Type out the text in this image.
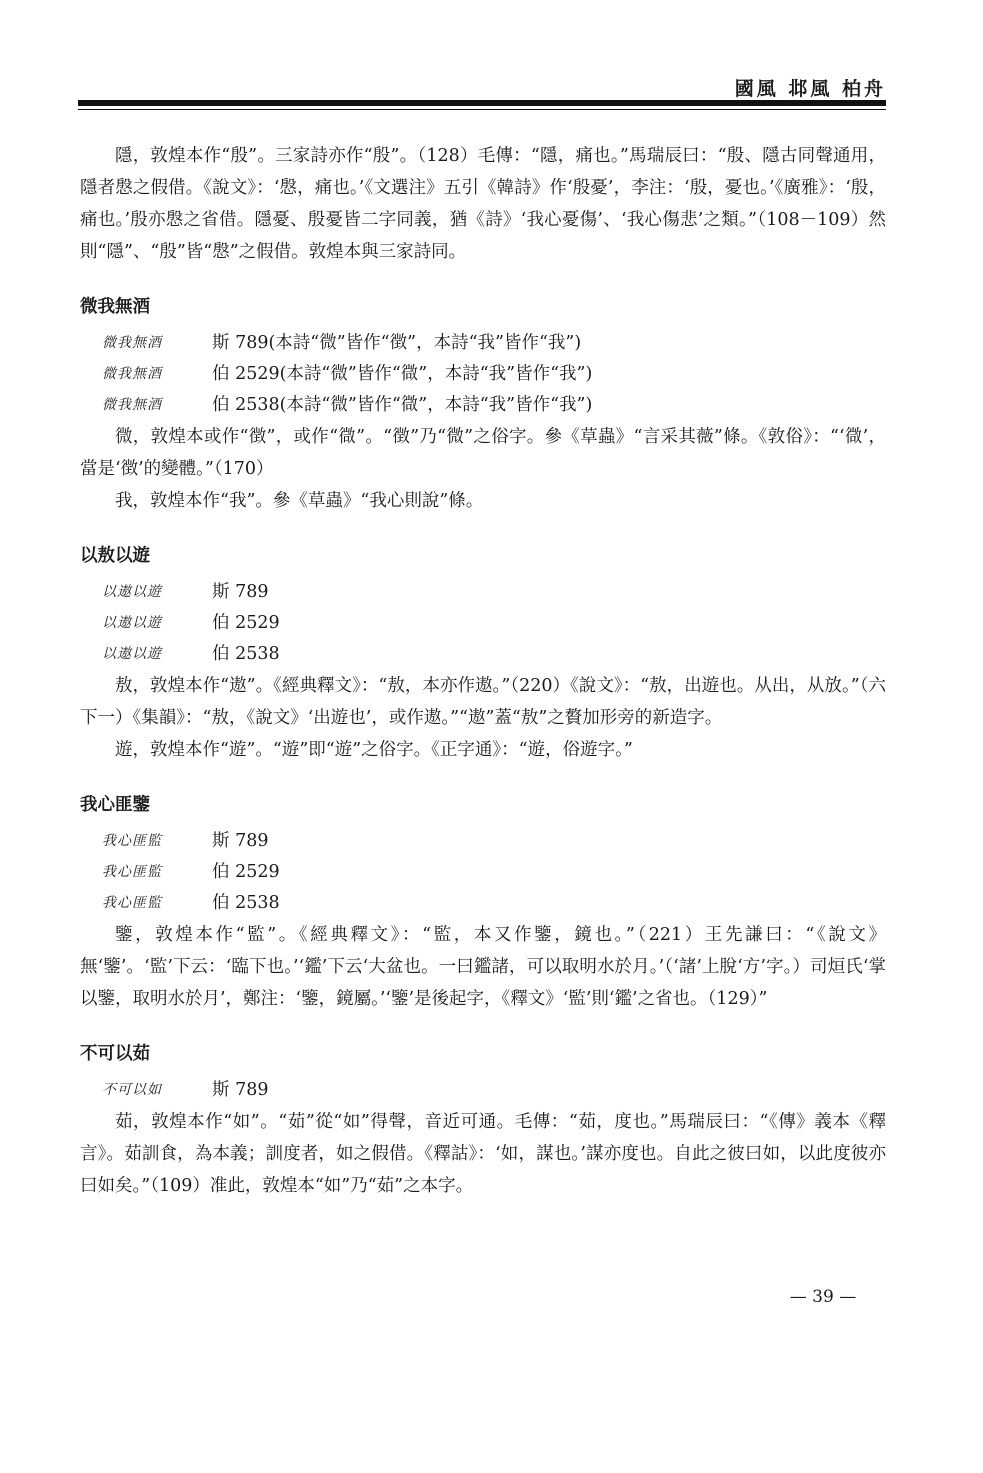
國風 邶風 柏舟

隱，敦煌本作“殷”。三家詩亦作“殷”。（128）毛傳：“隱，痛也。”馬瑞辰曰：“殷、隱古同聲通用，隱者慇之假借。《說文》：‘慇，痛也。’《文選注》五引《韓詩》作‘殷憂’，李注：‘殷，憂也。’《廣雅》：‘殷，痛也。’殷亦慇之省借。隱憂、殷憂皆二字同義，猶《詩》‘我心憂傷’、‘我心傷悲’之類。”（108－109）然則“隱”、“殷”皆“慇”之假借。敦煌本與三家詩同。

微我無酒
微我無酒	斯 789(本詩“微”皆作“徴”，本詩“我”皆作“我”)
微我無酒	伯 2529(本詩“微”皆作“㣲”，本詩“我”皆作“我”)
微我無酒	伯 2538(本詩“微”皆作“㣲”，本詩“我”皆作“我”)

微，敦煌本或作“徴”，或作“㣲”。“徴”乃“微”之俗字。參《草蟲》“言采其薇”條。《敦俗》：“‘㣲’，當是‘徴’的變體。”（170）

我，敦煌本作“我”。參《草蟲》“我心則說”條。

以敖以遊
以遨以遊	斯 789
以遨以遊	伯 2529
以遨以遊	伯 2538

敖，敦煌本作“遨”。《經典釋文》：“敖，本亦作遨。”（220）《說文》：“敖，出遊也。从出，从放。”（六下一）《集韻》：“敖，《說文》‘出遊也’，或作遨。”“遨”蓋“敖”之贅加形旁的新造字。

遊，敦煌本作“遊”。“遊”即“遊”之俗字。《正字通》：“遊，俗遊字。”

我心匪鑒
我心匪監	斯 789
我心匪監	伯 2529
我心匪監	伯 2538

鑒，敦煌本作“監”。《經典釋文》：“監，本又作鑒，鏡也。”（221）王先謙曰：“《說文》無‘鑒’。‘監’下云：‘臨下也。’‘鑑’下云‘大盆也。一曰鑑諸，可以取明水於月。’（‘諸’上脫‘方’字。）司烜氏‘掌以鑒，取明水於月’，鄭注：‘鑒，鏡屬。’‘鑒’是後起字，《釋文》‘監’則‘鑑’之省也。（129）”

不可以茹
不可以如	斯 789

茹，敦煌本作“如”。“茹”從“如”得聲，音近可通。毛傳：“茹，度也。”馬瑞辰曰：“《傳》義本《釋言》。茹訓食，為本義；訓度者，如之假借。《釋詁》：‘如，謀也。’謀亦度也。自此之彼曰如，以此度彼亦曰如矣。”（109）准此，敦煌本“如”乃“茹”之本字。

— 39 —
